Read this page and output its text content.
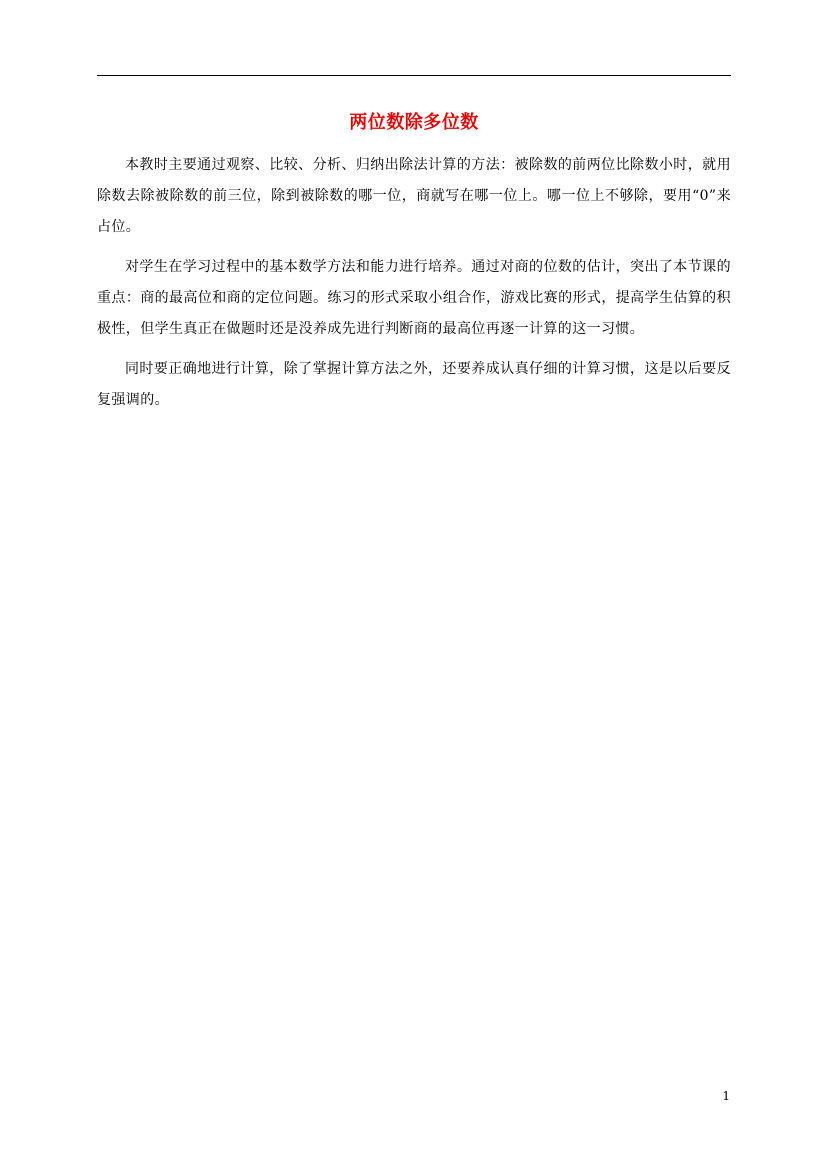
两位数除多位数

本教时主要通过观察、比较、分析、归纳出除法计算的方法：被除数的前两位比除数小时，就用除数去除被除数的前三位，除到被除数的哪一位，商就写在哪一位上。哪一位上不够除，要用“0”来占位。

对学生在学习过程中的基本数学方法和能力进行培养。通过对商的位数的估计，突出了本节课的重点：商的最高位和商的定位问题。练习的形式采取小组合作，游戏比赛的形式，提高学生估算的积极性，但学生真正在做题时还是没养成先进行判断商的最高位再逐一计算的这一习惯。

同时要正确地进行计算，除了掌握计算方法之外，还要养成认真仔细的计算习惯，这是以后要反复强调的。

1
